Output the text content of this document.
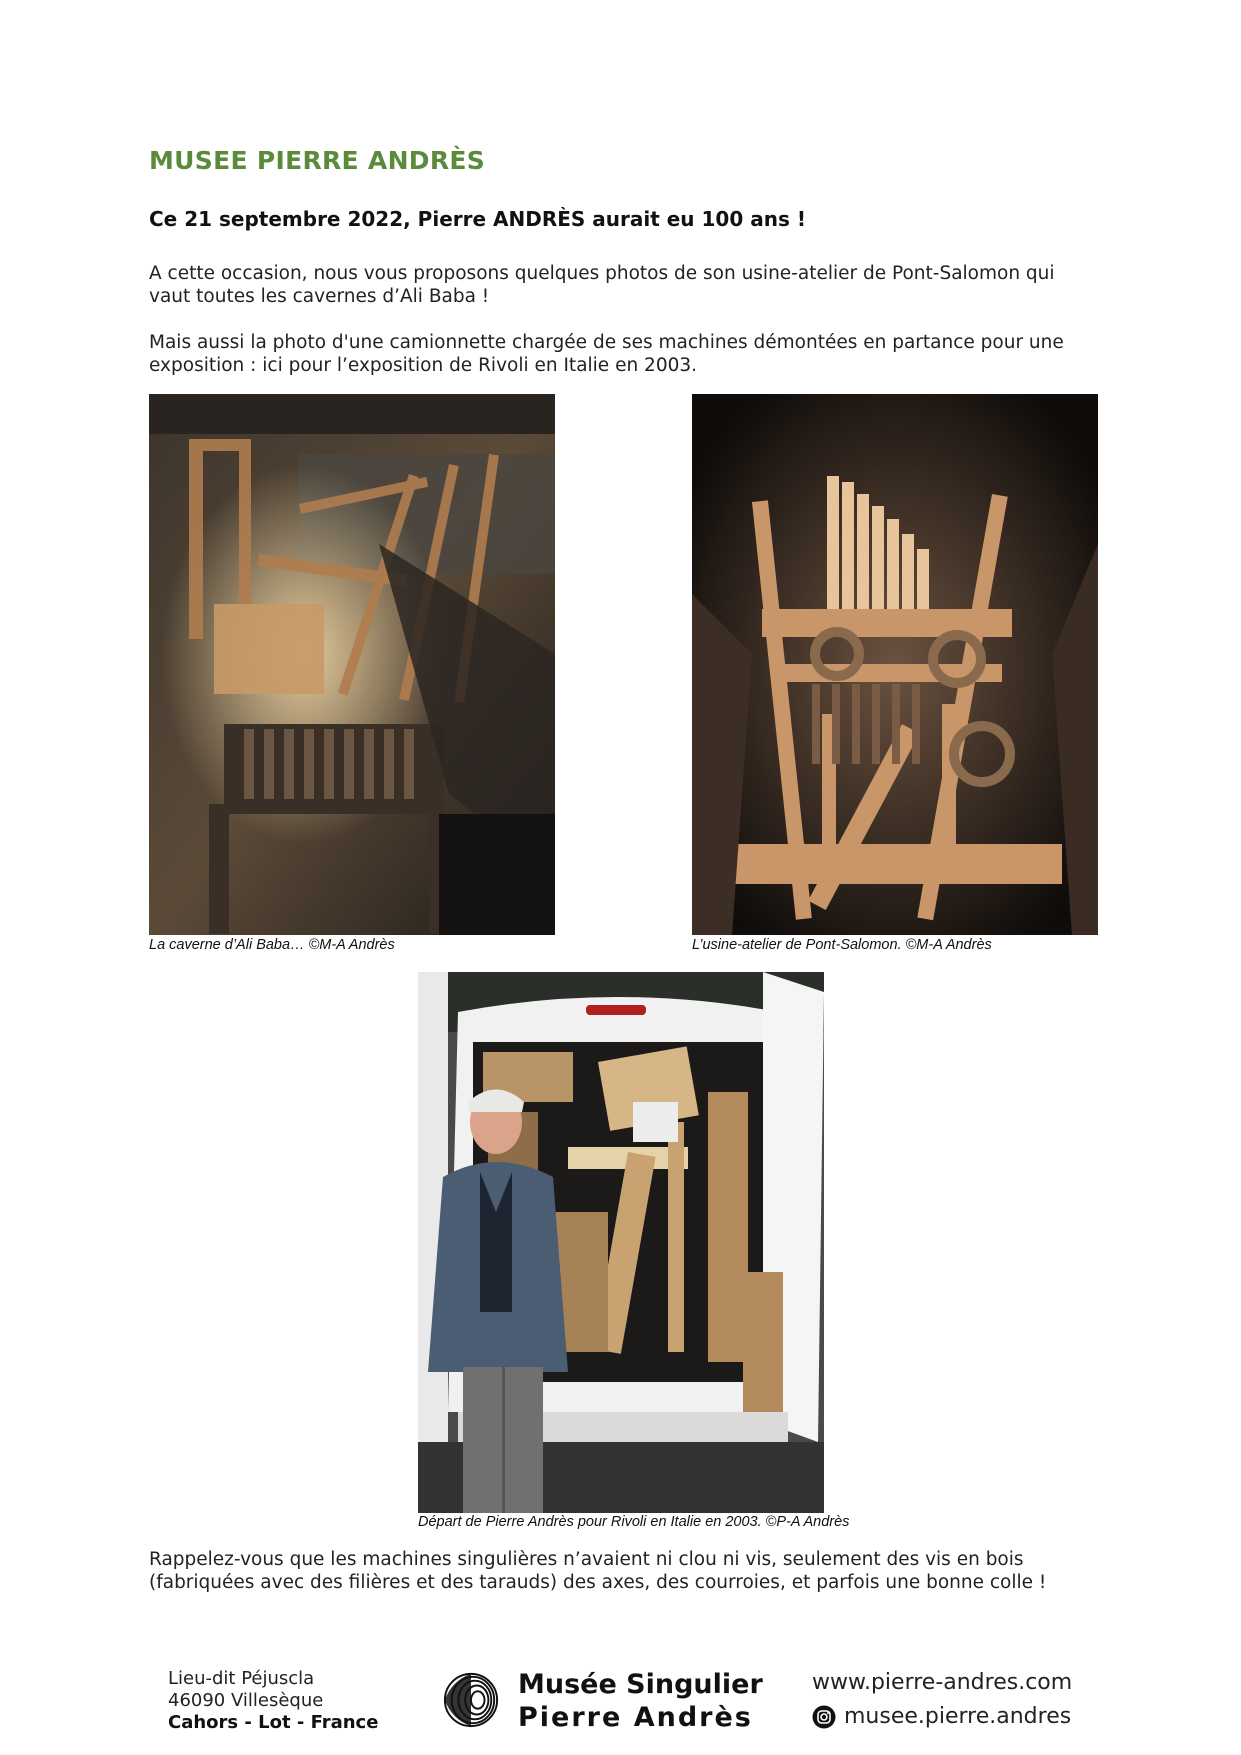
MUSEE PIERRE ANDRÈS
Ce 21 septembre 2022, Pierre ANDRÈS aurait eu 100 ans !

A cette occasion, nous vous proposons quelques photos de son usine-atelier de Pont-Salomon qui vaut toutes les cavernes d’Ali Baba !

Mais aussi la photo d'une camionnette chargée de ses machines démontées en partance pour une exposition : ici pour l’exposition de Rivoli en Italie en 2003.

La caverne d’Ali Baba… ©M-A Andrès	L’usine-atelier de Pont-Salomon. ©M-A Andrès

Départ de Pierre Andrès pour Rivoli en Italie en 2003. ©P-A Andrès

Rappelez-vous que les machines singulières n’avaient ni clou ni vis, seulement des vis en bois (fabriquées avec des filières et des tarauds) des axes, des courroies, et parfois une bonne colle !

Lieu-dit Péjuscla
46090 Villesèque
Cahors - Lot - France
Musée Singulier
Pierre Andrès
www.pierre-andres.com
musee.pierre.andres
